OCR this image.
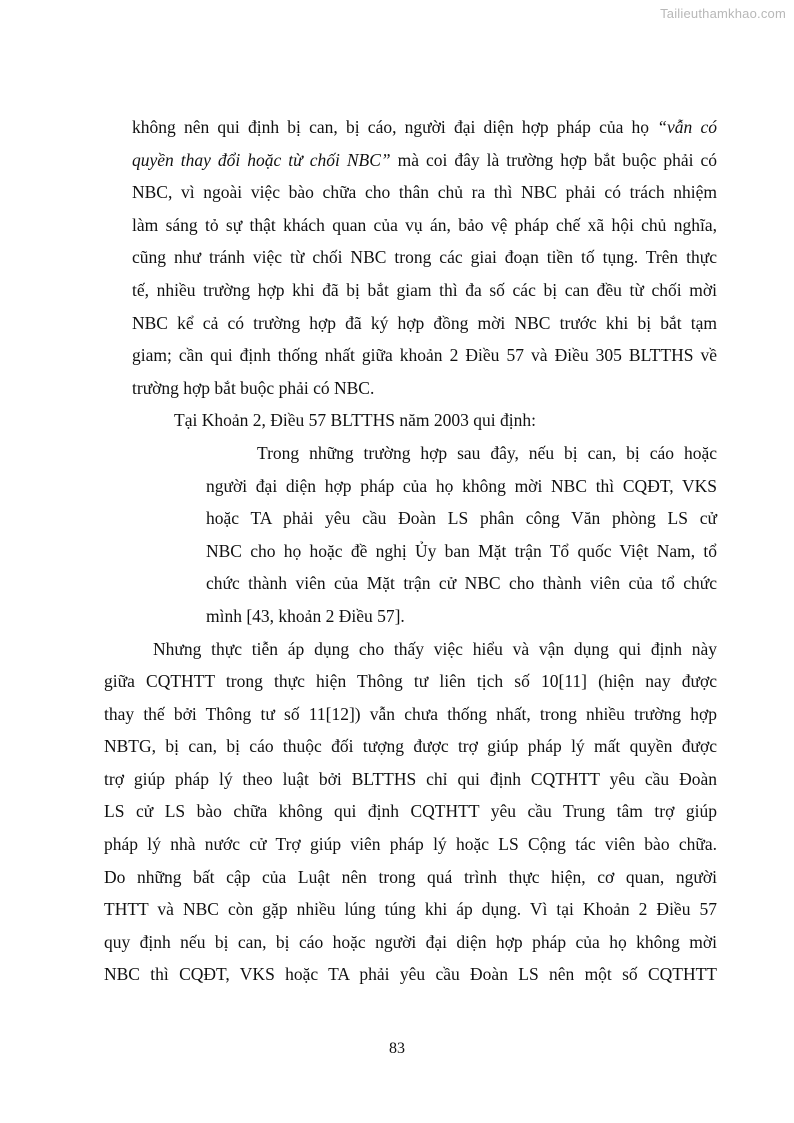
Tailieuthamkhao.com
không nên qui định bị can, bị cáo, người đại diện hợp pháp của họ “vẫn có
quyền thay đổi hoặc từ chối NBC” mà coi đây là trường hợp bắt buộc phải có
NBC, vì ngoài việc bào chữa cho thân chủ ra thì NBC phải có trách nhiệm
làm sáng tỏ sự thật khách quan của vụ án, bảo vệ pháp chế xã hội chủ nghĩa,
cũng như tránh việc từ chối NBC trong các giai đoạn tiền tố tụng. Trên thực
tế, nhiều trường hợp khi đã bị bắt giam thì đa số các bị can đều từ chối mời
NBC kể cả có trường hợp đã ký hợp đồng mời NBC trước khi bị bắt tạm
giam; cần qui định thống nhất giữa khoản 2 Điều 57 và Điều 305 BLTTHS về
trường hợp bắt buộc phải có NBC.
Tại Khoản 2, Điều 57 BLTTHS năm 2003 qui định:
Trong những trường hợp sau đây, nếu bị can, bị cáo hoặc
người đại diện hợp pháp của họ không mời NBC thì CQĐT, VKS
hoặc TA phải yêu cầu Đoàn LS phân công Văn phòng LS cử
NBC cho họ hoặc đề nghị Ủy ban Mặt trận Tổ quốc Việt Nam, tổ
chức thành viên của Mặt trận cử NBC cho thành viên của tổ chức
mình [43, khoản 2 Điều 57].
Nhưng thực tiễn áp dụng cho thấy việc hiểu và vận dụng qui định này
giữa CQTHTT trong thực hiện Thông tư liên tịch số 10[11] (hiện nay được
thay thế bởi Thông tư số 11[12]) vẫn chưa thống nhất, trong nhiều trường hợp
NBTG, bị can, bị cáo thuộc đối tượng được trợ giúp pháp lý mất quyền được
trợ giúp pháp lý theo luật bởi BLTTHS chỉ qui định CQTHTT yêu cầu Đoàn
LS cử LS bào chữa không qui định CQTHTT yêu cầu Trung tâm trợ giúp
pháp lý nhà nước cử Trợ giúp viên pháp lý hoặc LS Cộng tác viên bào chữa.
Do những bất cập của Luật nên trong quá trình thực hiện, cơ quan, người
THTT và NBC còn gặp nhiều lúng túng khi áp dụng. Vì tại Khoản 2 Điều 57
quy định nếu bị can, bị cáo hoặc người đại diện hợp pháp của họ không mời
NBC thì CQĐT, VKS hoặc TA phải yêu cầu Đoàn LS nên một số CQTHTT
83
